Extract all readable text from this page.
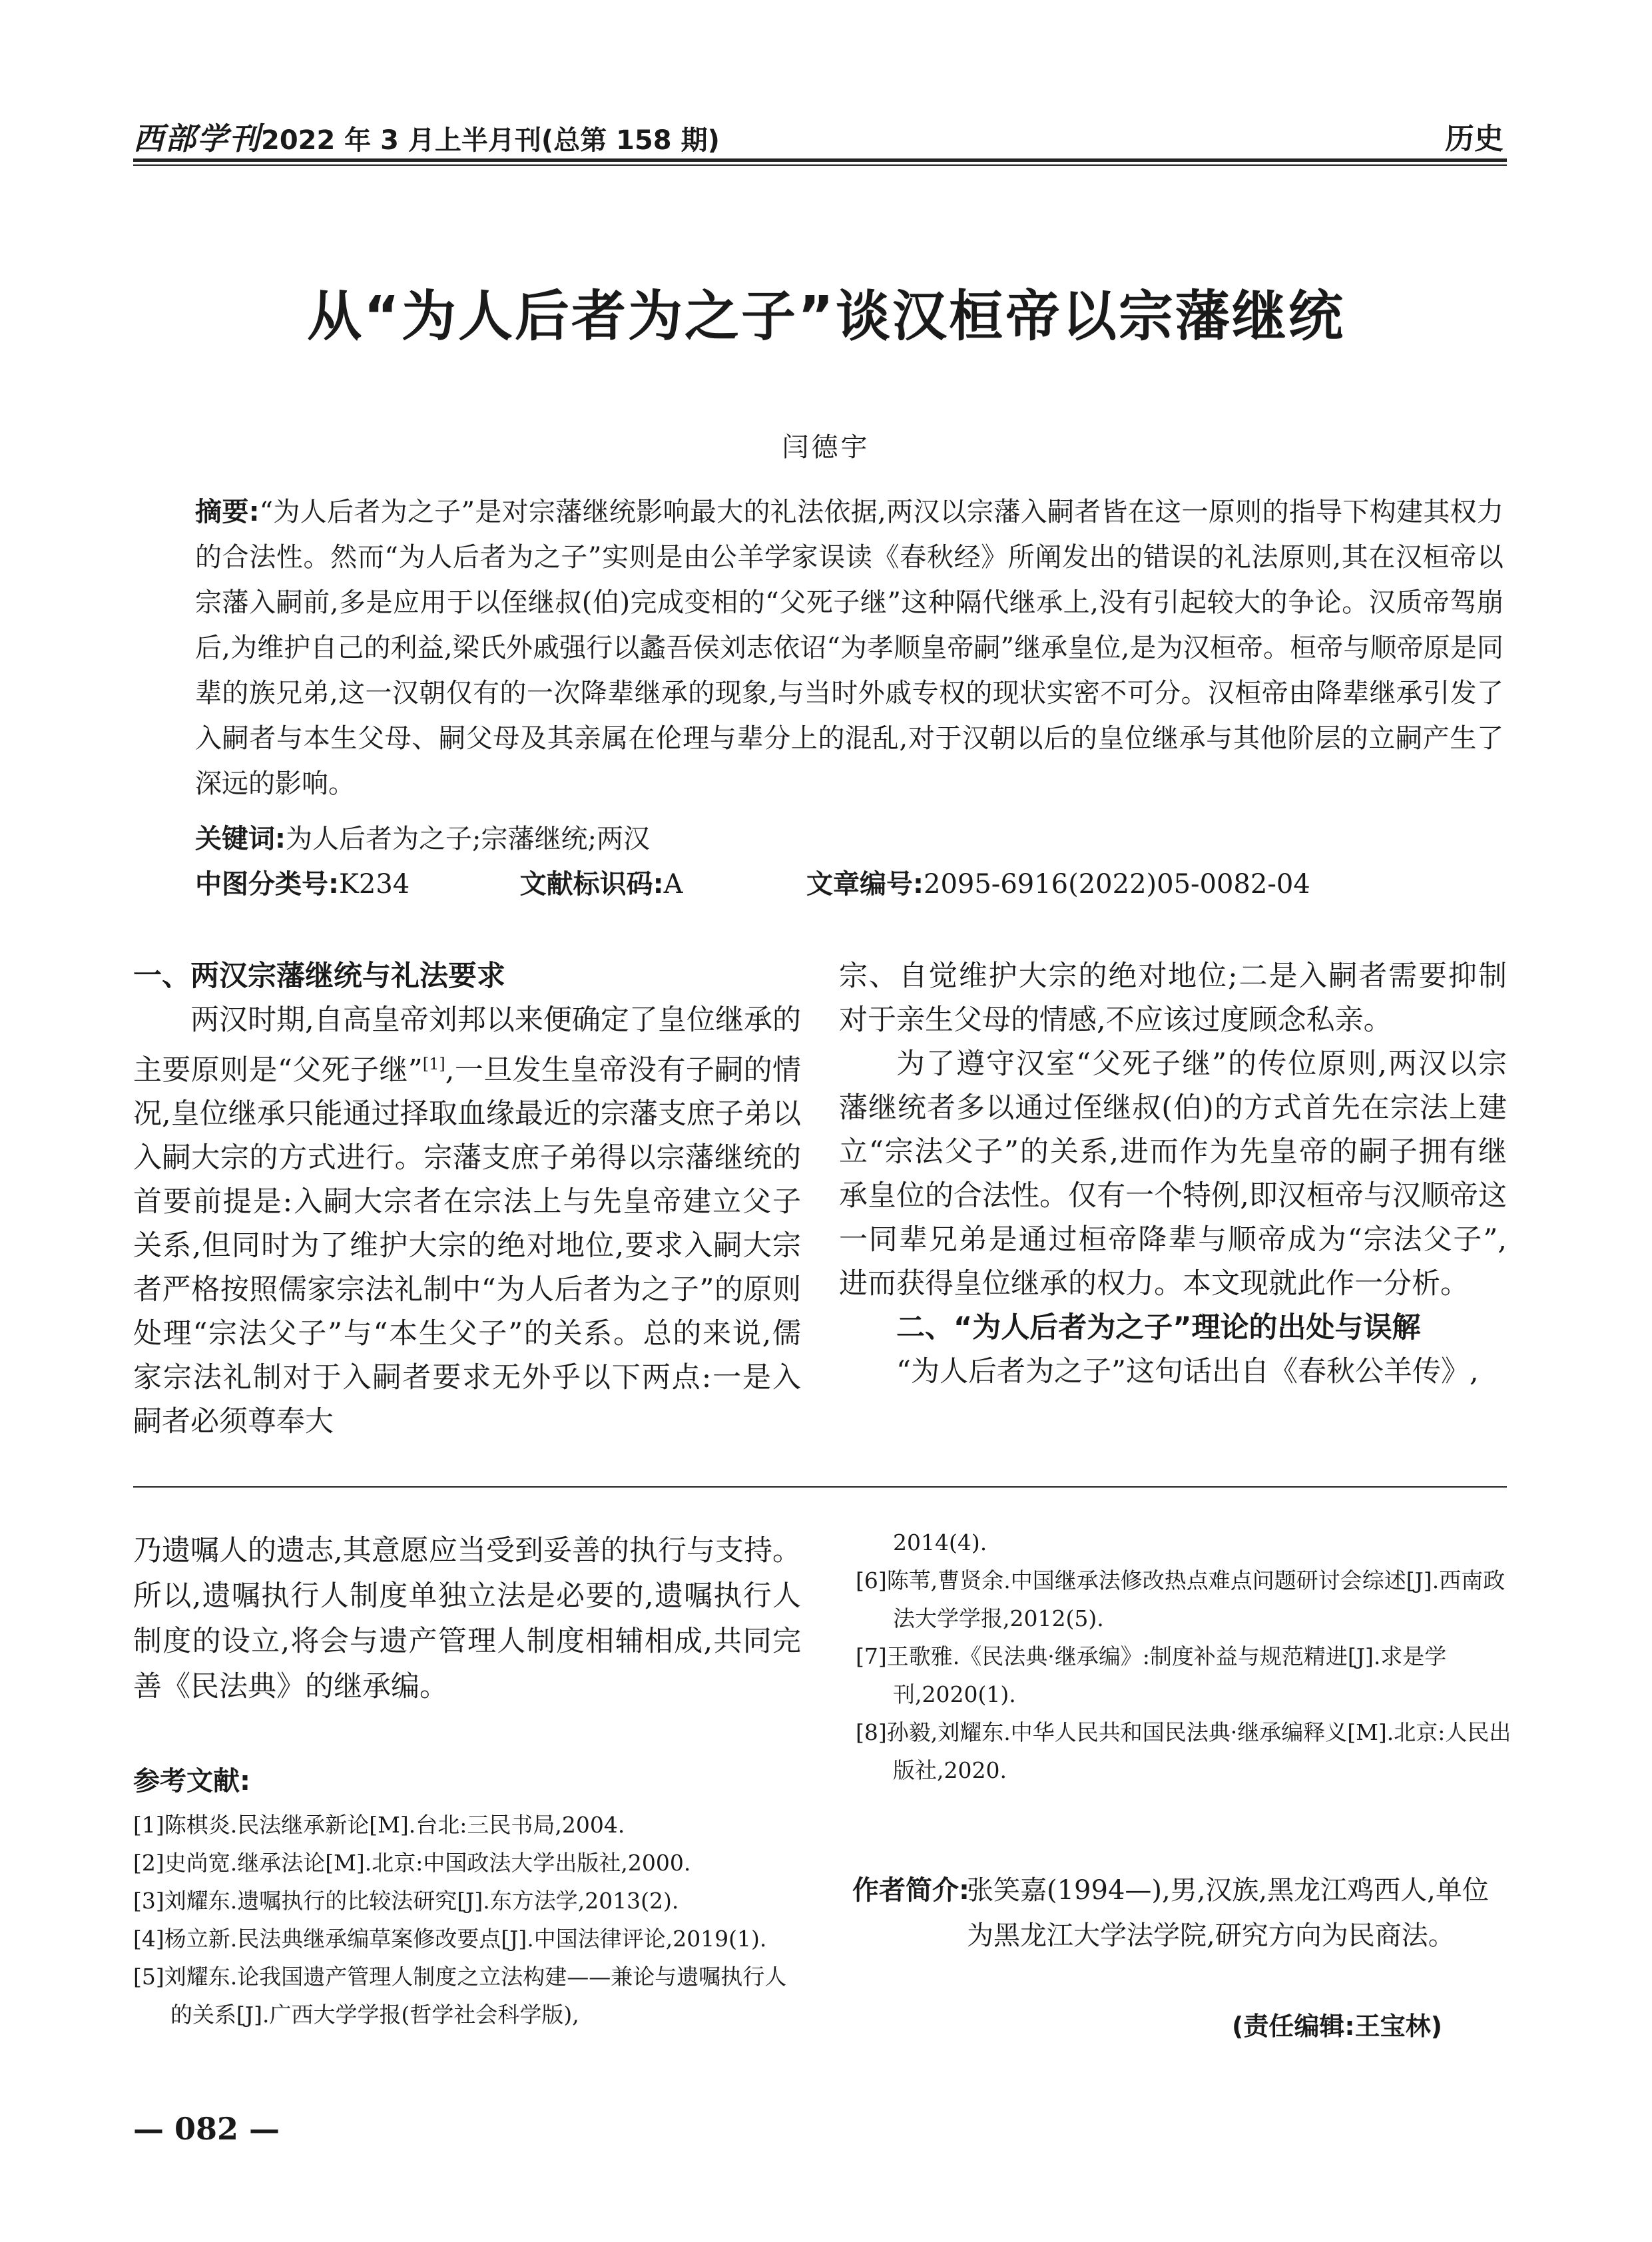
西部学刊2022 年 3 月上半月刊(总第 158 期)	历史
从“为人后者为之子”谈汉桓帝以宗藩继统
闫德宇
摘要:“为人后者为之子”是对宗藩继统影响最大的礼法依据,两汉以宗藩入嗣者皆在这一原则的指导下构建其权力的合法性。然而“为人后者为之子”实则是由公羊学家误读《春秋经》所阐发出的错误的礼法原则,其在汉桓帝以宗藩入嗣前,多是应用于以侄继叔(伯)完成变相的“父死子继”这种隔代继承上,没有引起较大的争论。汉质帝驾崩后,为维护自己的利益,梁氏外戚强行以蠡吾侯刘志依诏“为孝顺皇帝嗣”继承皇位,是为汉桓帝。桓帝与顺帝原是同辈的族兄弟,这一汉朝仅有的一次降辈继承的现象,与当时外戚专权的现状实密不可分。汉桓帝由降辈继承引发了入嗣者与本生父母、嗣父母及其亲属在伦理与辈分上的混乱,对于汉朝以后的皇位继承与其他阶层的立嗣产生了深远的影响。
关键词:为人后者为之子;宗藩继统;两汉
中图分类号:K234	文献标识码:A	文章编号:2095-6916(2022)05-0082-04
一、两汉宗藩继统与礼法要求

两汉时期,自高皇帝刘邦以来便确定了皇位继承的主要原则是“父死子继”[1],一旦发生皇帝没有子嗣的情况,皇位继承只能通过择取血缘最近的宗藩支庶子弟以入嗣大宗的方式进行。宗藩支庶子弟得以宗藩继统的首要前提是:入嗣大宗者在宗法上与先皇帝建立父子关系,但同时为了维护大宗的绝对地位,要求入嗣大宗者严格按照儒家宗法礼制中“为人后者为之子”的原则处理“宗法父子”与“本生父子”的关系。总的来说,儒家宗法礼制对于入嗣者要求无外乎以下两点:一是入嗣者必须尊奉大

宗、自觉维护大宗的绝对地位;二是入嗣者需要抑制对于亲生父母的情感,不应该过度顾念私亲。

为了遵守汉室“父死子继”的传位原则,两汉以宗藩继统者多以通过侄继叔(伯)的方式首先在宗法上建立“宗法父子”的关系,进而作为先皇帝的嗣子拥有继承皇位的合法性。仅有一个特例,即汉桓帝与汉顺帝这一同辈兄弟是通过桓帝降辈与顺帝成为“宗法父子”,进而获得皇位继承的权力。本文现就此作一分析。

二、“为人后者为之子”理论的出处与误解

“为人后者为之子”这句话出自《春秋公羊传》,

乃遗嘱人的遗志,其意愿应当受到妥善的执行与支持。所以,遗嘱执行人制度单独立法是必要的,遗嘱执行人制度的设立,将会与遗产管理人制度相辅相成,共同完善《民法典》的继承编。
参考文献:
[1]陈棋炎.民法继承新论[M].台北:三民书局,2004.
[2]史尚宽.继承法论[M].北京:中国政法大学出版社,2000.
[3]刘耀东.遗嘱执行的比较法研究[J].东方法学,2013(2).
[4]杨立新.民法典继承编草案修改要点[J].中国法律评论,2019(1).
[5]刘耀东.论我国遗产管理人制度之立法构建——兼论与遗嘱执行人的关系[J].广西大学学报(哲学社会科学版),
2014(4).
[6]陈苇,曹贤余.中国继承法修改热点难点问题研讨会综述[J].西南政法大学学报,2012(5).
[7]王歌雅.《民法典·继承编》:制度补益与规范精进[J].求是学刊,2020(1).
[8]孙毅,刘耀东.中华人民共和国民法典·继承编释义[M].北京:人民出版社,2020.
作者简介:
张笑嘉(1994—),男,汉族,黑龙江鸡西人,单位为黑龙江大学法学院,研究方向为民商法。
(责任编辑:王宝林)
— 082 —
